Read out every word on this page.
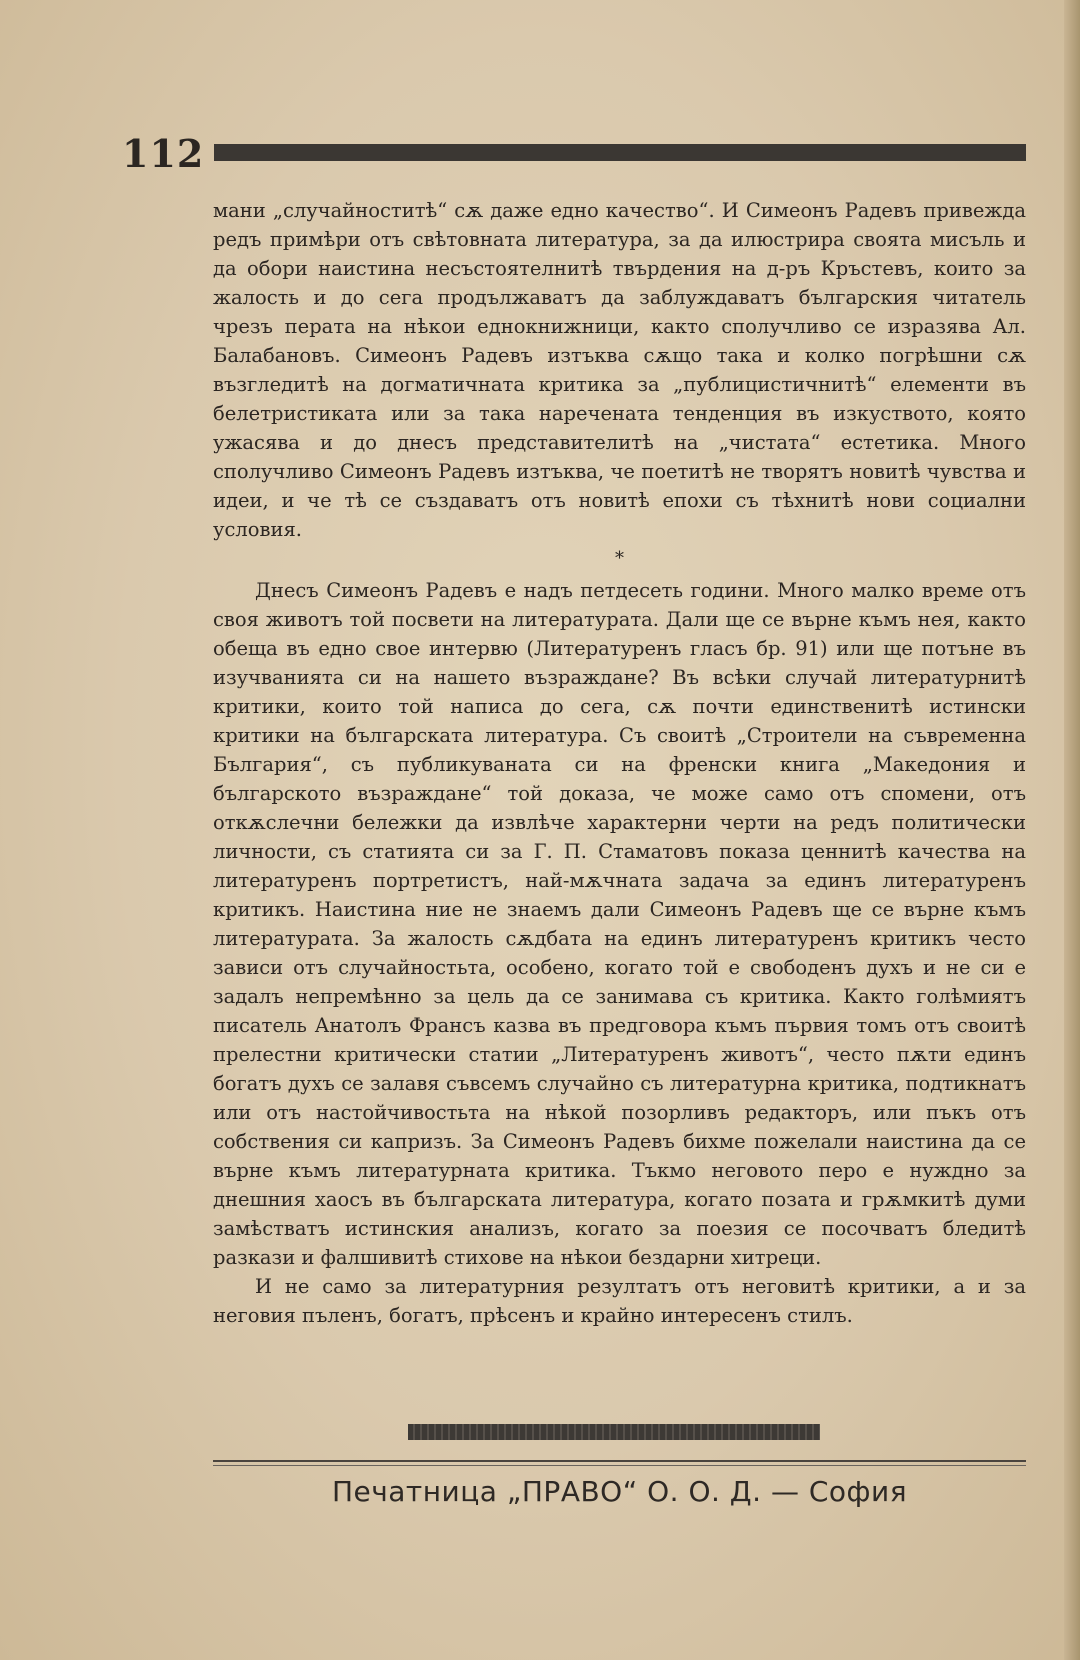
112

мани „случайноститѣ“ сѫ даже едно качество“. И Симеонъ Радевъ привежда редъ примѣри отъ свѣтовната литература, за да илюстрира своята мисъль и да обори наистина несъстоятелнитѣ твърдения на д-ръ Кръстевъ, които за жалость и до сега продължаватъ да заблуждаватъ българския читатель чрезъ перата на нѣкои еднокнижници, както сполучливо се изразява Ал. Балабановъ. Симеонъ Радевъ изтъква сѫщо така и колко погрѣшни сѫ възгледитѣ на догматичната критика за „публицистичнитѣ“ елементи въ белетристиката или за така наречената тенденция въ изкуството, която ужасява и до днесъ представителитѣ на „чистата“ естетика. Много сполучливо Симеонъ Радевъ изтъква, че поетитѣ не творятъ новитѣ чувства и идеи, и че тѣ се създаватъ отъ новитѣ епохи съ тѣхнитѣ нови социални условия.

*

Днесъ Симеонъ Радевъ е надъ петдесеть години. Много малко време отъ своя животъ той посвети на литературата. Дали ще се върне къмъ нея, както обеща въ едно свое интервю (Литературенъ гласъ бр. 91) или ще потъне въ изучванията си на нашето възраждане? Въ всѣки случай литературнитѣ критики, които той написа до сега, сѫ почти единственитѣ истински критики на българската литература. Съ своитѣ „Строители на съвременна България“, съ публикуваната си на френски книга „Македония и българското възраждане“ той доказа, че може само отъ спомени, отъ откѫслечни бележки да извлѣче характерни черти на редъ политически личности, съ статията си за Г. П. Стаматовъ показа ценнитѣ качества на литературенъ портретистъ, най-мѫчната задача за единъ литературенъ критикъ. Наистина ние не знаемъ дали Симеонъ Радевъ ще се върне къмъ литературата. За жалость сѫдбата на единъ литературенъ критикъ често зависи отъ случайностьта, особено, когато той е свободенъ духъ и не си е задалъ непремѣнно за цель да се занимава съ критика. Както голѣмиятъ писатель Анатолъ Франсъ казва въ предговора къмъ първия томъ отъ своитѣ прелестни критически статии „Литературенъ животъ“, често пѫти единъ богатъ духъ се залавя съвсемъ случайно съ литературна критика, подтикнатъ или отъ настойчивостьта на нѣкой позорливъ редакторъ, или пъкъ отъ собствения си капризъ. За Симеонъ Радевъ бихме пожелали наистина да се върне къмъ литературната критика. Тъкмо неговото перо е нуждно за днешния хаосъ въ българската литература, когато позата и грѫмкитѣ думи замѣстватъ истинския анализъ, когато за поезия се посочватъ бледитѣ разкази и фалшивитѣ стихове на нѣкои бездарни хитреци.

И не само за литературния резултатъ отъ неговитѣ критики, а и за неговия пъленъ, богатъ, прѣсенъ и крайно интересенъ стилъ.

Печатница „ПРАВО“ О. О. Д. — София
